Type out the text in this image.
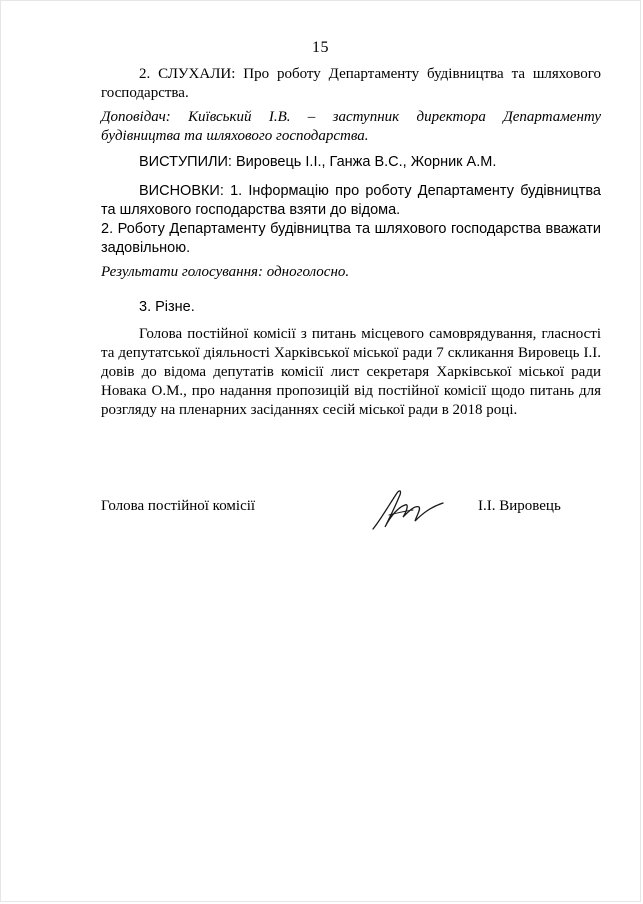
15
2. СЛУХАЛИ: Про роботу Департаменту будівництва та шляхового
господарства.
Доповідач: Київський І.В. – заступник директора Департаменту
будівництва та шляхового господарства.
ВИСТУПИЛИ: Вировець І.І., Ганжа В.С., Жорник А.М.
ВИСНОВКИ: 1. Інформацію про роботу Департаменту будівництва
та шляхового господарства взяти до відома.
2. Роботу Департаменту будівництва та шляхового господарства вважати
задовільною.
Результати голосування: одноголосно.
3. Різне.
Голова постійної комісії з питань місцевого самоврядування, гласності
та депутатської діяльності Харківської міської ради 7 скликання Вировець І.І.
довів до відома депутатів комісії лист секретаря Харківської міської ради
Новака О.М., про надання пропозицій від постійної комісії щодо питань для
розгляду на пленарних засіданнях сесій міської ради в 2018 році.
Голова постійної комісії	І.І. Вировець
